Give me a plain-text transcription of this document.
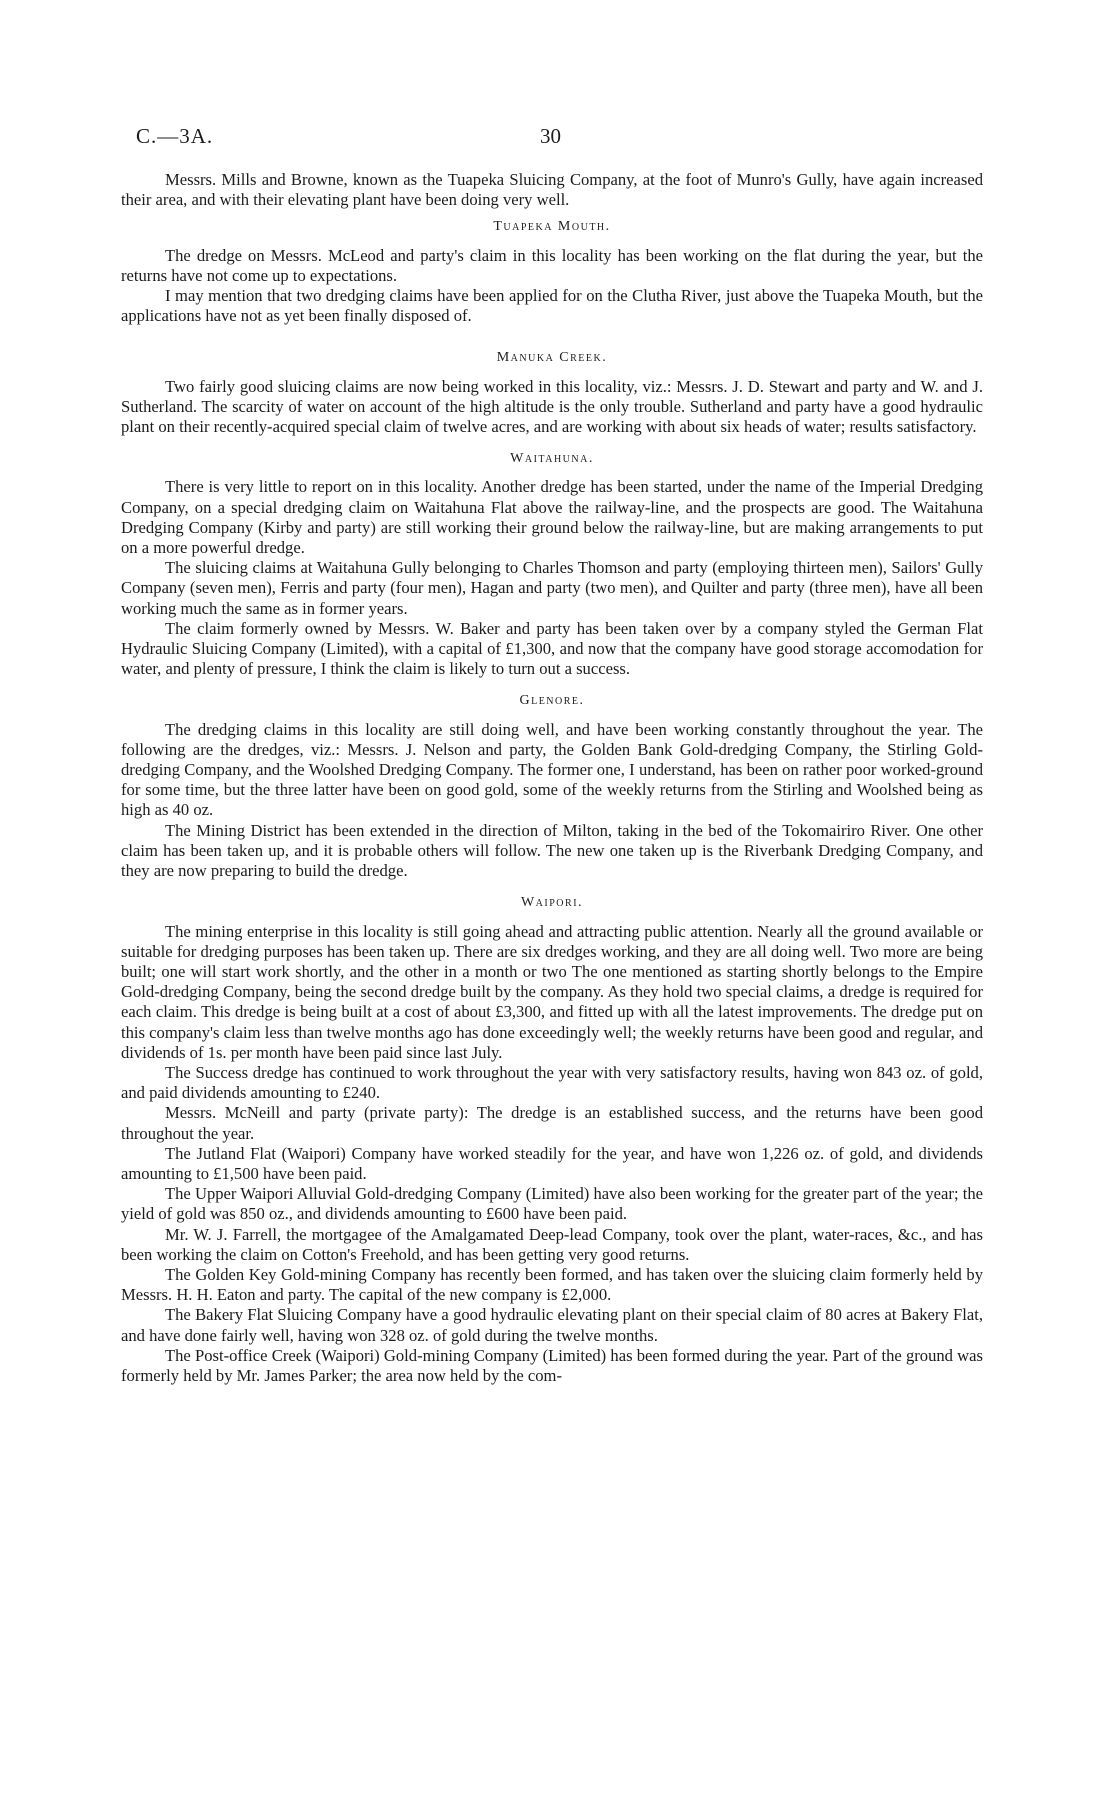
C.—3A.	30

Messrs. Mills and Browne, known as the Tuapeka Sluicing Company, at the foot of Munro's Gully, have again increased their area, and with their elevating plant have been doing very well.

Tuapeka Mouth.

The dredge on Messrs. McLeod and party's claim in this locality has been working on the flat during the year, but the returns have not come up to expectations.

I may mention that two dredging claims have been applied for on the Clutha River, just above the Tuapeka Mouth, but the applications have not as yet been finally disposed of.

Manuka Creek.

Two fairly good sluicing claims are now being worked in this locality, viz.: Messrs. J. D. Stewart and party and W. and J. Sutherland. The scarcity of water on account of the high altitude is the only trouble. Sutherland and party have a good hydraulic plant on their recently-acquired special claim of twelve acres, and are working with about six heads of water; results satisfactory.

Waitahuna.

There is very little to report on in this locality. Another dredge has been started, under the name of the Imperial Dredging Company, on a special dredging claim on Waitahuna Flat above the railway-line, and the prospects are good. The Waitahuna Dredging Company (Kirby and party) are still working their ground below the railway-line, but are making arrangements to put on a more powerful dredge.

The sluicing claims at Waitahuna Gully belonging to Charles Thomson and party (employing thirteen men), Sailors' Gully Company (seven men), Ferris and party (four men), Hagan and party (two men), and Quilter and party (three men), have all been working much the same as in former years.

The claim formerly owned by Messrs. W. Baker and party has been taken over by a company styled the German Flat Hydraulic Sluicing Company (Limited), with a capital of £1,300, and now that the company have good storage accomodation for water, and plenty of pressure, I think the claim is likely to turn out a success.

Glenore.

The dredging claims in this locality are still doing well, and have been working constantly throughout the year. The following are the dredges, viz.: Messrs. J. Nelson and party, the Golden Bank Gold-dredging Company, the Stirling Gold-dredging Company, and the Woolshed Dredging Company. The former one, I understand, has been on rather poor worked-ground for some time, but the three latter have been on good gold, some of the weekly returns from the Stirling and Woolshed being as high as 40 oz.

The Mining District has been extended in the direction of Milton, taking in the bed of the Tokomairiro River. One other claim has been taken up, and it is probable others will follow. The new one taken up is the Riverbank Dredging Company, and they are now preparing to build the dredge.

Waipori.

The mining enterprise in this locality is still going ahead and attracting public attention. Nearly all the ground available or suitable for dredging purposes has been taken up. There are six dredges working, and they are all doing well. Two more are being built; one will start work shortly, and the other in a month or two The one mentioned as starting shortly belongs to the Empire Gold-dredging Company, being the second dredge built by the company. As they hold two special claims, a dredge is required for each claim. This dredge is being built at a cost of about £3,300, and fitted up with all the latest improvements. The dredge put on this company's claim less than twelve months ago has done exceedingly well; the weekly returns have been good and regular, and dividends of 1s. per month have been paid since last July.

The Success dredge has continued to work throughout the year with very satisfactory results, having won 843 oz. of gold, and paid dividends amounting to £240.

Messrs. McNeill and party (private party): The dredge is an established success, and the returns have been good throughout the year.

The Jutland Flat (Waipori) Company have worked steadily for the year, and have won 1,226 oz. of gold, and dividends amounting to £1,500 have been paid.

The Upper Waipori Alluvial Gold-dredging Company (Limited) have also been working for the greater part of the year; the yield of gold was 850 oz., and dividends amounting to £600 have been paid.

Mr. W. J. Farrell, the mortgagee of the Amalgamated Deep-lead Company, took over the plant, water-races, &c., and has been working the claim on Cotton's Freehold, and has been getting very good returns.

The Golden Key Gold-mining Company has recently been formed, and has taken over the sluicing claim formerly held by Messrs. H. H. Eaton and party. The capital of the new company is £2,000.

The Bakery Flat Sluicing Company have a good hydraulic elevating plant on their special claim of 80 acres at Bakery Flat, and have done fairly well, having won 328 oz. of gold during the twelve months.

The Post-office Creek (Waipori) Gold-mining Company (Limited) has been formed during the year. Part of the ground was formerly held by Mr. James Parker; the area now held by the com-
